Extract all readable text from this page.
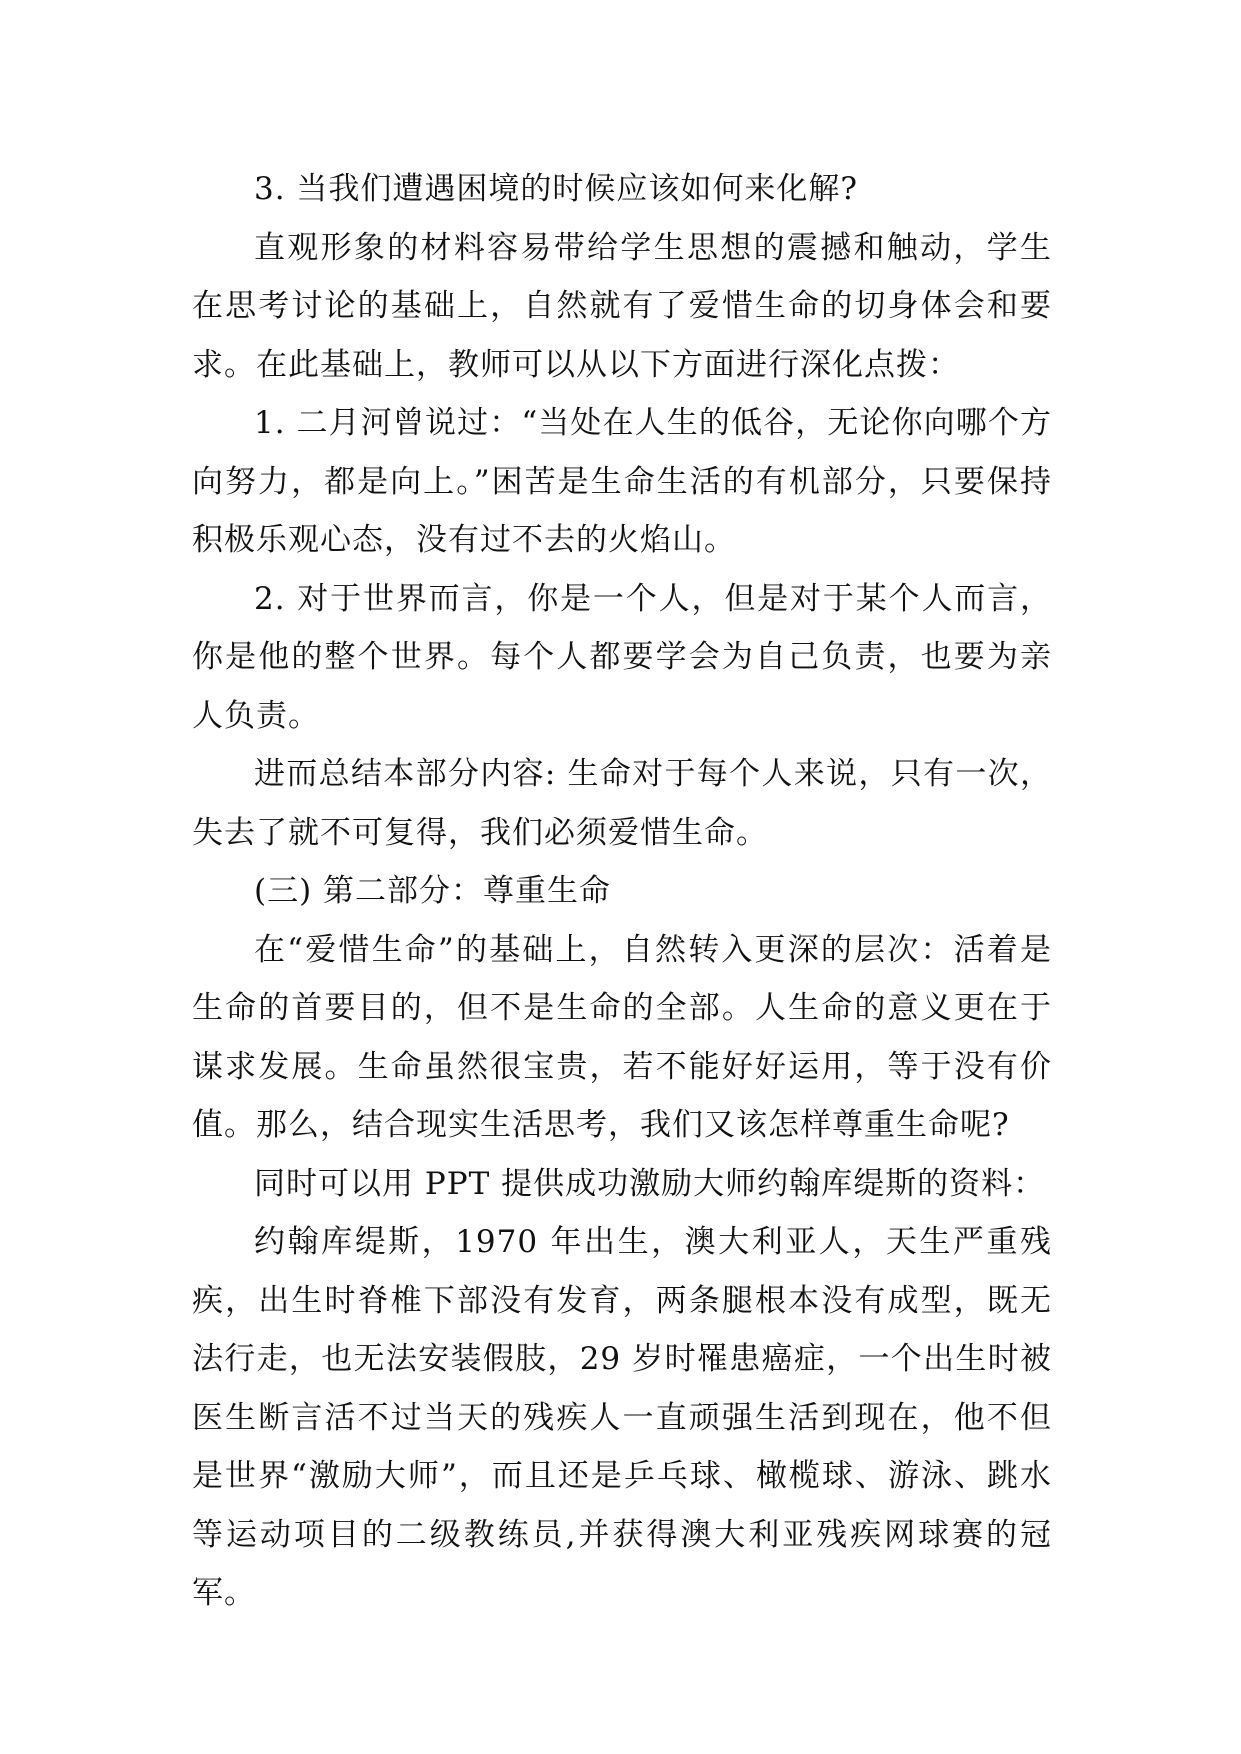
3. 当我们遭遇困境的时候应该如何来化解?

直观形象的材料容易带给学生思想的震撼和触动，学生在思考讨论的基础上，自然就有了爱惜生命的切身体会和要求。在此基础上，教师可以从以下方面进行深化点拨：

1. 二月河曾说过：“当处在人生的低谷，无论你向哪个方向努力，都是向上。”困苦是生命生活的有机部分，只要保持积极乐观心态，没有过不去的火焰山。

2. 对于世界而言，你是一个人，但是对于某个人而言，你是他的整个世界。每个人都要学会为自己负责，也要为亲人负责。

进而总结本部分内容: 生命对于每个人来说，只有一次，失去了就不可复得，我们必须爱惜生命。

(三) 第二部分：尊重生命

在“爱惜生命”的基础上，自然转入更深的层次：活着是生命的首要目的，但不是生命的全部。人生命的意义更在于谋求发展。生命虽然很宝贵，若不能好好运用，等于没有价值。那么，结合现实生活思考，我们又该怎样尊重生命呢?

同时可以用 PPT 提供成功激励大师约翰库缇斯的资料：

约翰库缇斯，1970 年出生，澳大利亚人，天生严重残疾，出生时脊椎下部没有发育，两条腿根本没有成型，既无法行走，也无法安装假肢，29 岁时罹患癌症，一个出生时被医生断言活不过当天的残疾人一直顽强生活到现在，他不但是世界“激励大师”，而且还是乒乓球、橄榄球、游泳、跳水等运动项目的二级教练员,并获得澳大利亚残疾网球赛的冠军。
